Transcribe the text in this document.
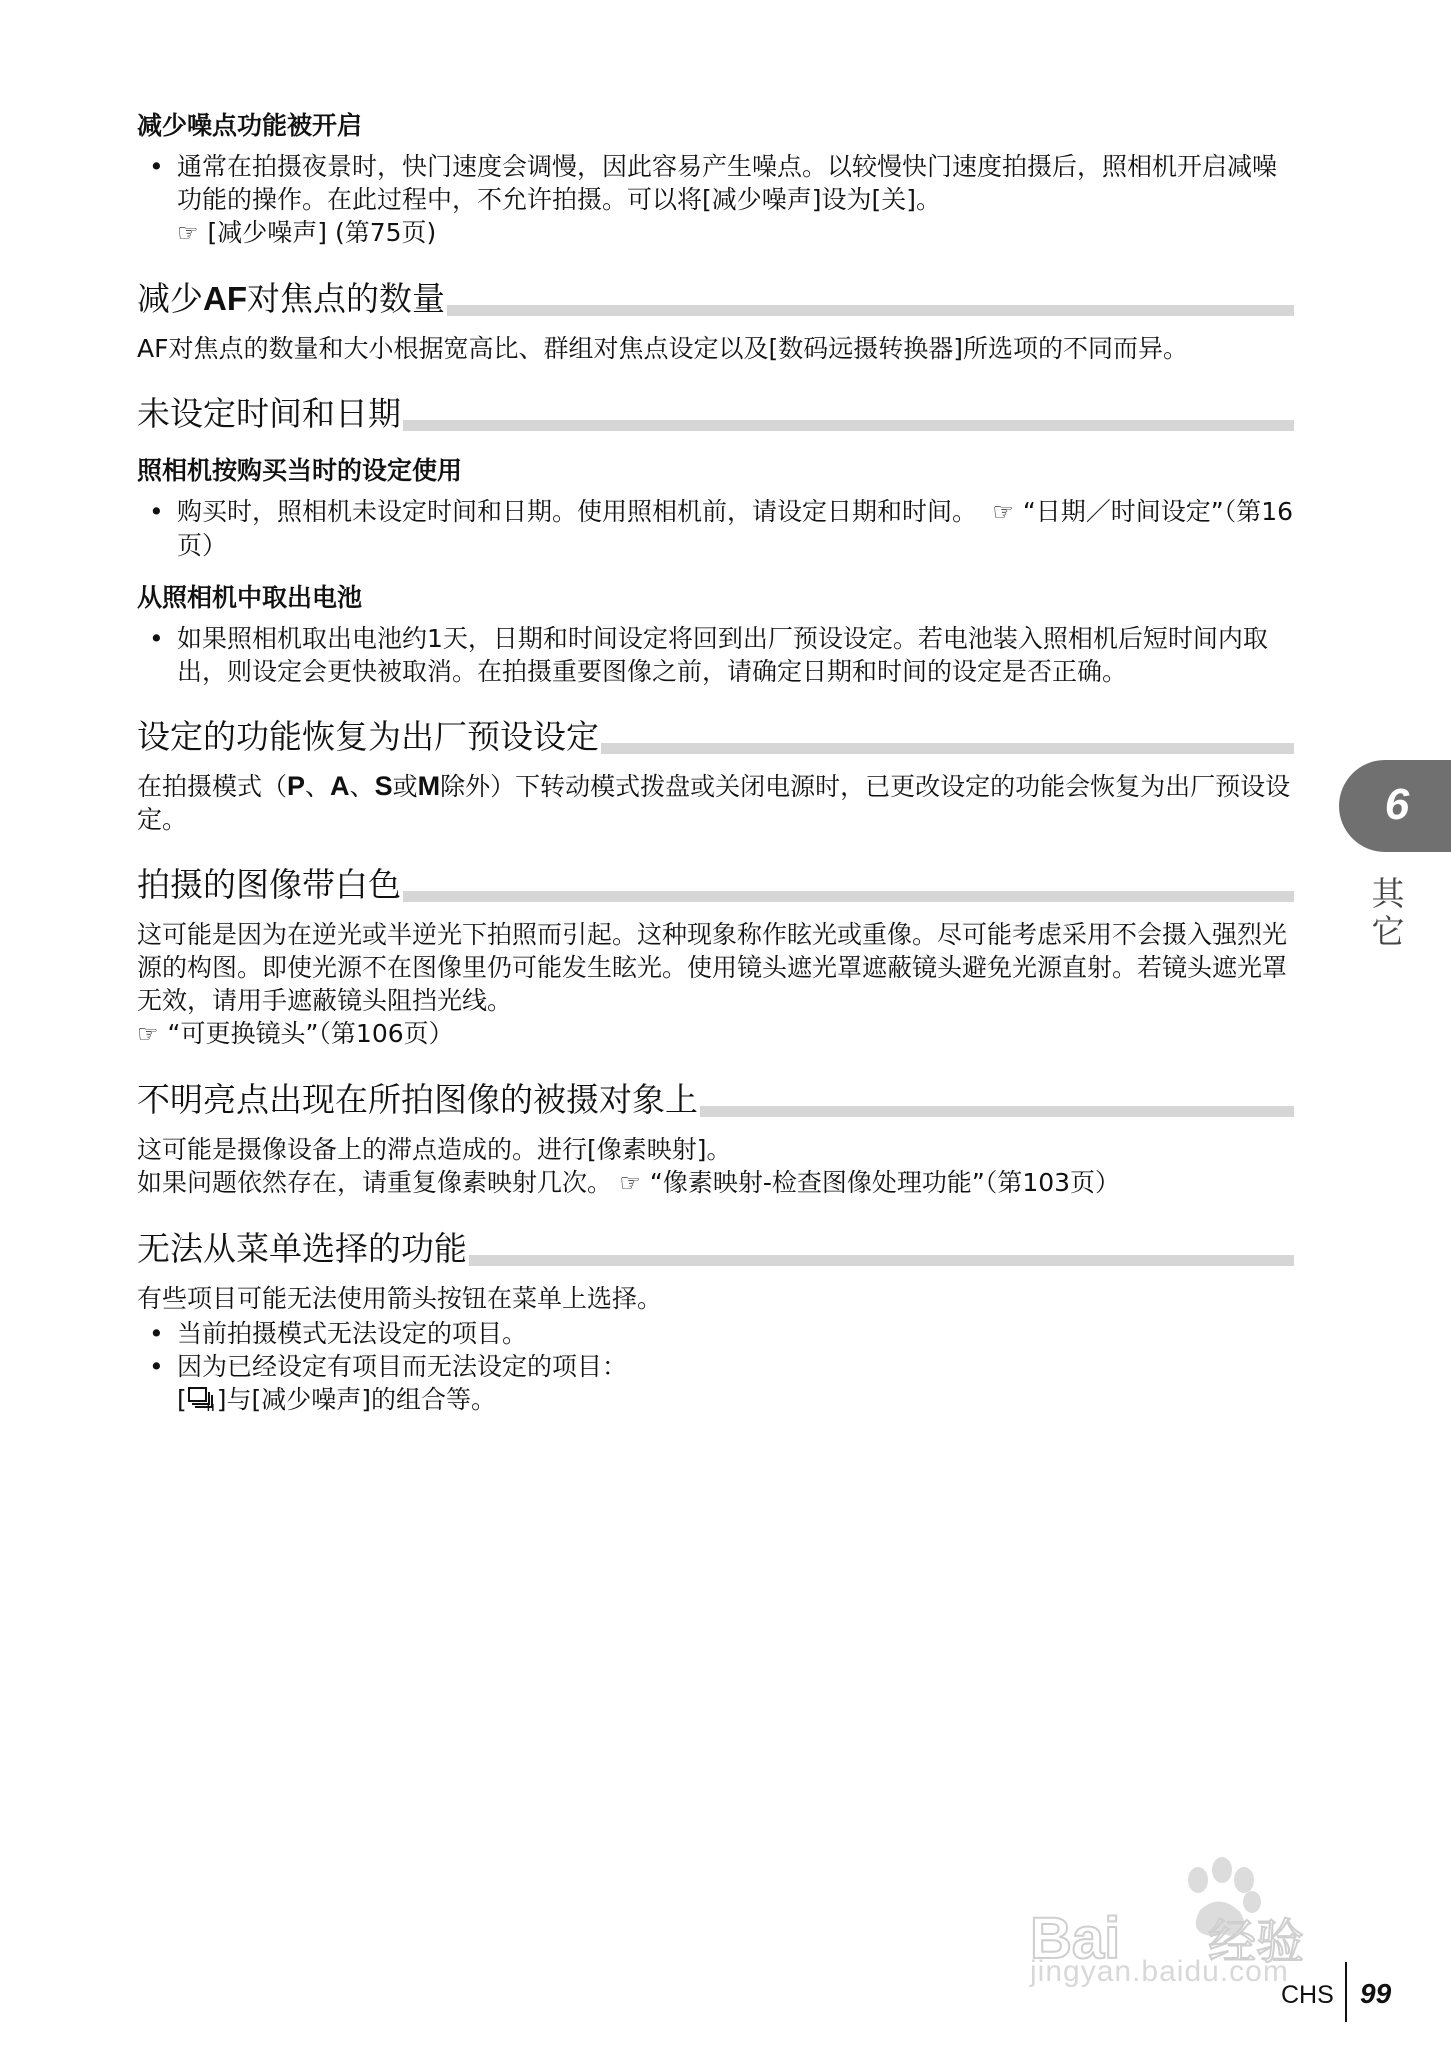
减少噪点功能被开启

• 通常在拍摄夜景时，快门速度会调慢，因此容易产生噪点。以较慢快门速度拍摄后，照相机开启减噪功能的操作。在此过程中，不允许拍摄。可以将[减少噪声]设为[关]。
☞ [减少噪声] (第75页)
减少AF对焦点的数量

AF对焦点的数量和大小根据宽高比、群组对焦点设定以及[数码远摄转换器]所选项的不同而异。

未设定时间和日期

照相机按购买当时的设定使用

• 购买时，照相机未设定时间和日期。使用照相机前，请设定日期和时间。  ☞ “日期／时间设定”（第16页）

从照相机中取出电池

• 如果照相机取出电池约1天，日期和时间设定将回到出厂预设设定。若电池装入照相机后短时间内取出，则设定会更快被取消。在拍摄重要图像之前，请确定日期和时间的设定是否正确。
设定的功能恢复为出厂预设设定

在拍摄模式（P、A、S或M除外）下转动模式拨盘或关闭电源时，已更改设定的功能会恢复为出厂预设设定。

拍摄的图像带白色

这可能是因为在逆光或半逆光下拍照而引起。这种现象称作眩光或重像。尽可能考虑采用不会摄入强烈光源的构图。即使光源不在图像里仍可能发生眩光。使用镜头遮光罩遮蔽镜头避免光源直射。若镜头遮光罩无效，请用手遮蔽镜头阻挡光线。

☞ “可更换镜头”（第106页）

不明亮点出现在所拍图像的被摄对象上

这可能是摄像设备上的滞点造成的。进行[像素映射]。

如果问题依然存在，请重复像素映射几次。 ☞ “像素映射-检查图像处理功能”（第103页）

无法从菜单选择的功能

有些项目可能无法使用箭头按钮在菜单上选择。

• 当前拍摄模式无法设定的项目。
• 因为已经设定有项目而无法设定的项目：
[ H ]与[减少噪声]的组合等。
6
其它
Bai 经验
jingyan.baidu.com
CHS 99
